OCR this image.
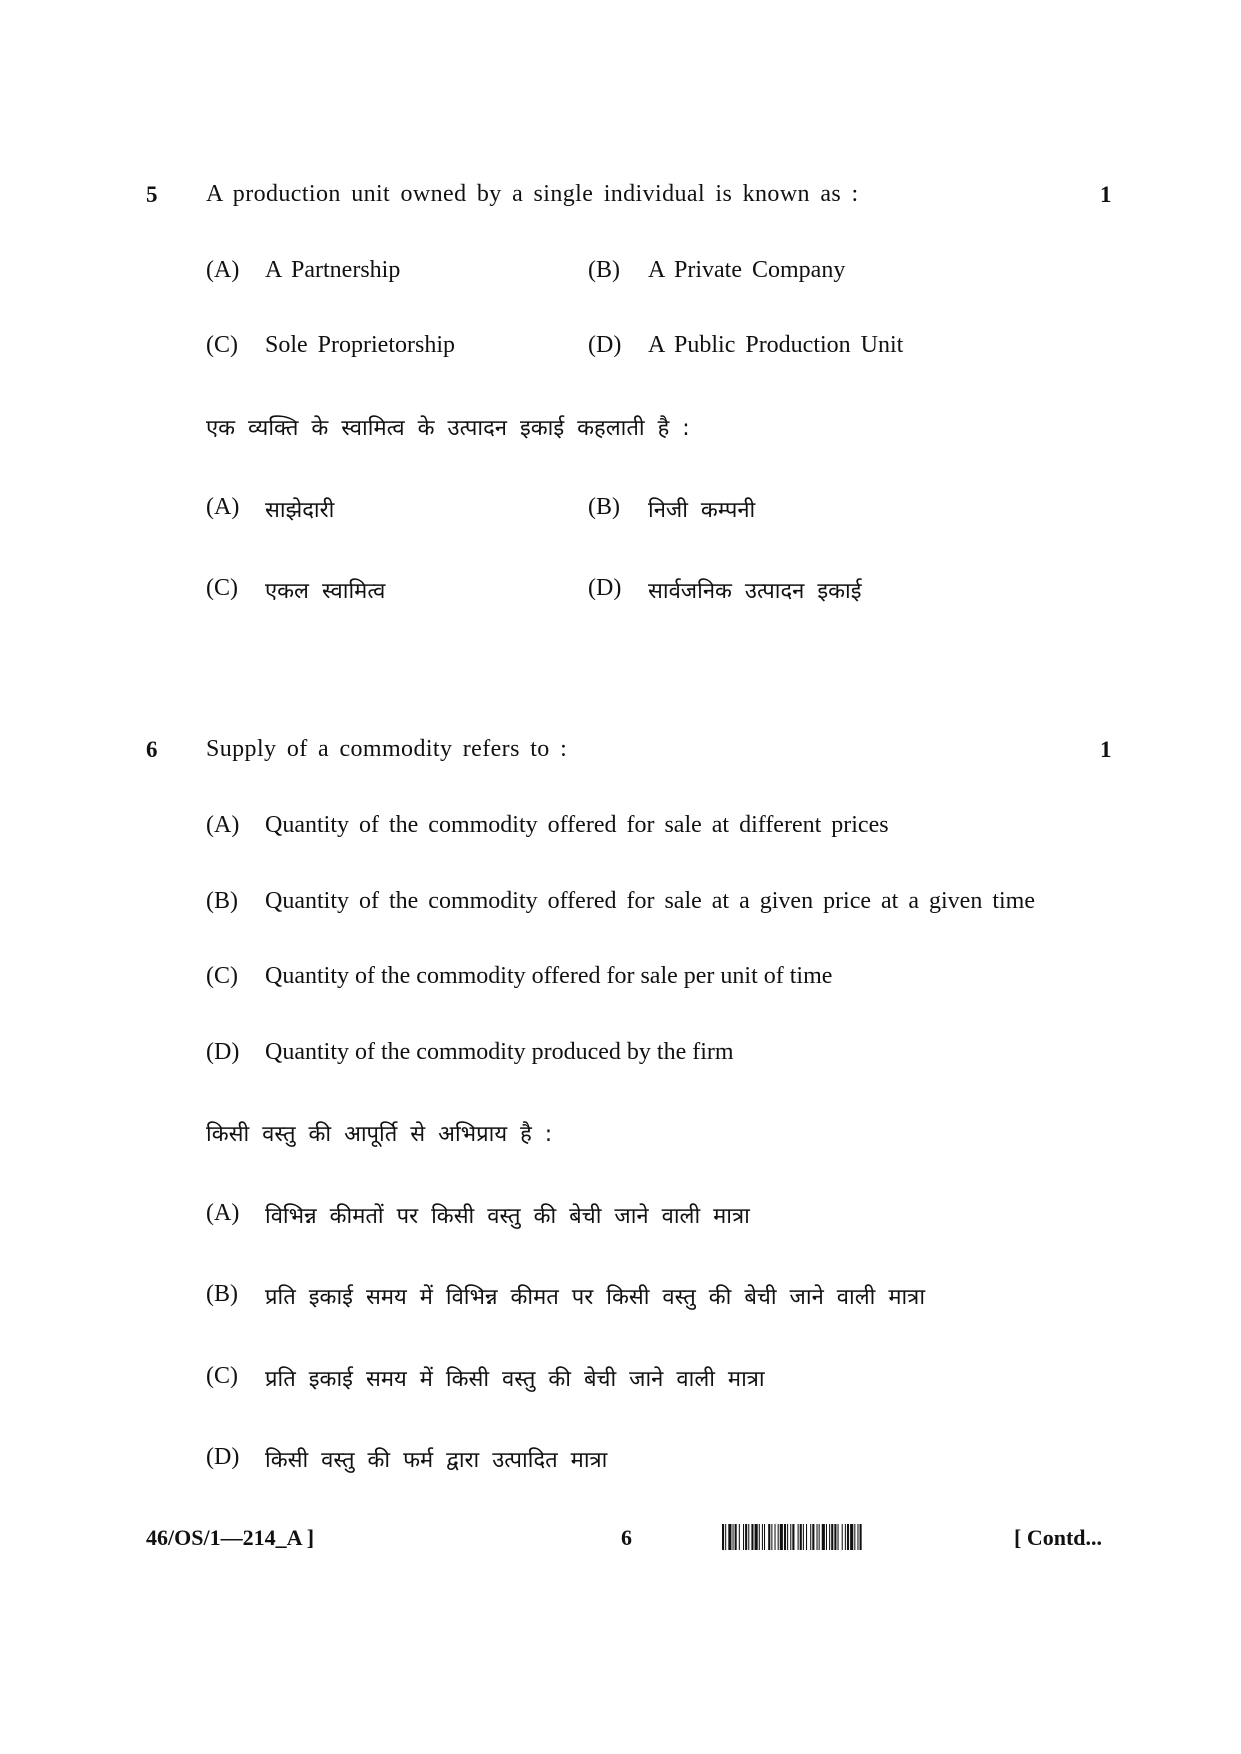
5 A production unit owned by a single individual is known as :	1
(A) A Partnership	(B) A Private Company
(C) Sole Proprietorship	(D) A Public Production Unit
एक व्यक्ति के स्वामित्व के उत्पादन इकाई कहलाती है :
(A) साझेदारी	(B) निजी कम्पनी
(C) एकल स्वामित्व	(D) सार्वजनिक उत्पादन इकाई
6 Supply of a commodity refers to :	1
(A) Quantity of the commodity offered for sale at different prices
(B) Quantity of the commodity offered for sale at a given price at a given time
(C) Quantity of the commodity offered for sale per unit of time
(D) Quantity of the commodity produced by the firm
किसी वस्तु की आपूर्ति से अभिप्राय है :
(A) विभिन्न कीमतों पर किसी वस्तु की बेची जाने वाली मात्रा
(B) प्रति इकाई समय में विभिन्न कीमत पर किसी वस्तु की बेची जाने वाली मात्रा
(C) प्रति इकाई समय में किसी वस्तु की बेची जाने वाली मात्रा
(D) किसी वस्तु की फर्म द्वारा उत्पादित मात्रा
46/OS/1—214_A ]	6	[ Contd...
